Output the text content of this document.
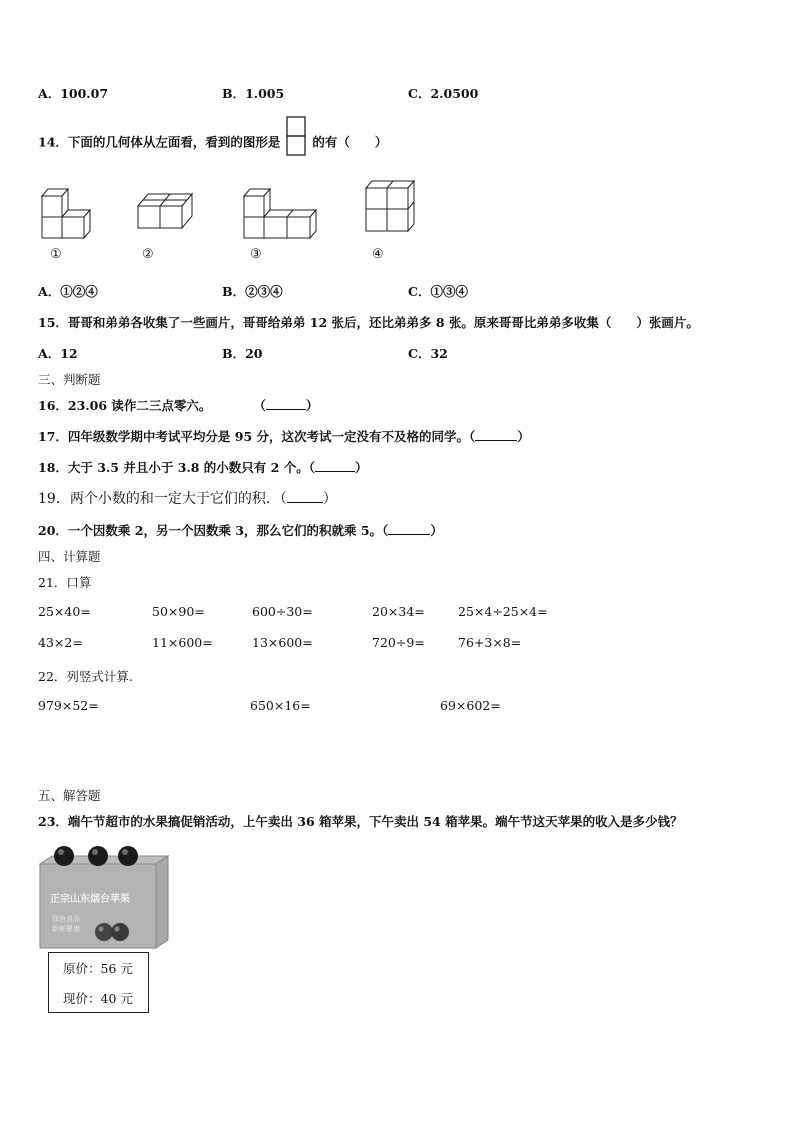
A．100.07	B．1.005	C．2.0500
14．下面的几何体从左面看，看到的图形是	的有（　　）
①	②	③	④
A．①②④	B．②③④	C．①③④
15．哥哥和弟弟各收集了一些画片，哥哥给弟弟 12 张后，还比弟弟多 8 张。原来哥哥比弟弟多收集（　　）张画片。
A．12	B．20	C．32
三、判断题
16．23.06 读作二三点零六。	（	）
17．四年级数学期中考试平均分是 95 分，这次考试一定没有不及格的同学。（	）
18．大于 3.5 并且小于 3.8 的小数只有 2 个。（	）
19．两个小数的和一定大于它们的积．（	）
20．一个因数乘 2，另一个因数乘 3，那么它们的积就乘 5。（	）
四、计算题
21．口算
25×40=	50×90=	600÷30=	20×34=	25×4÷25×4=
43×2=	11×600=	13×600=	720÷9=	76+3×8=
22．列竖式计算.
979×52=	650×16=	69×602=
五、解答题
23．端午节超市的水果搞促销活动，上午卖出 36 箱苹果，下午卖出 54 箱苹果。端午节这天苹果的收入是多少钱？
正宗山东烟台苹果
绿色食品
新鲜健康
原价：56 元
现价：40 元
